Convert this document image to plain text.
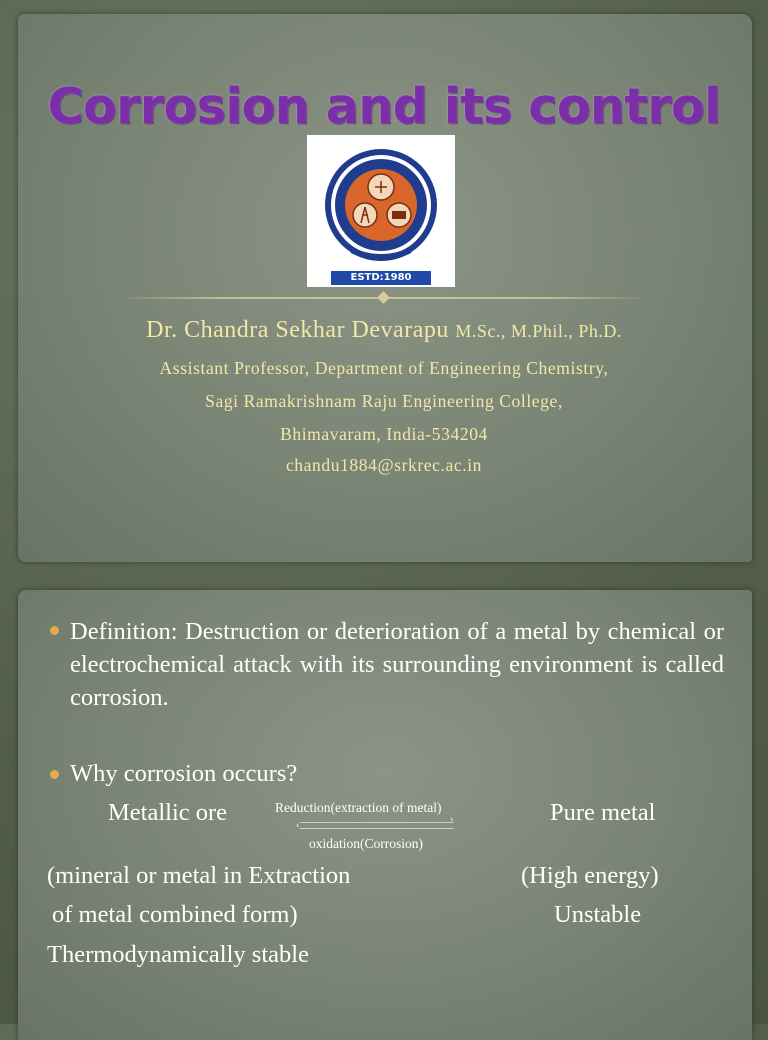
Corrosion and its control
ESTD:1980
Dr. Chandra Sekhar Devarapu M.Sc., M.Phil., Ph.D.
Assistant Professor, Department of Engineering Chemistry,
Sagi Ramakrishnam Raju Engineering College,
Bhimavaram, India-534204
chandu1884@srkrec.ac.in
Definition: Destruction or deterioration of a metal by chemical or electrochemical attack with its surrounding environment is called corrosion.
Why corrosion occurs?
Metallic ore	Reduction(extraction of metal)
›
‹
oxidation(Corrosion)
Pure metal
(mineral or metal in Extraction
of metal combined form)
Thermodynamically stable
(High energy)
Unstable
